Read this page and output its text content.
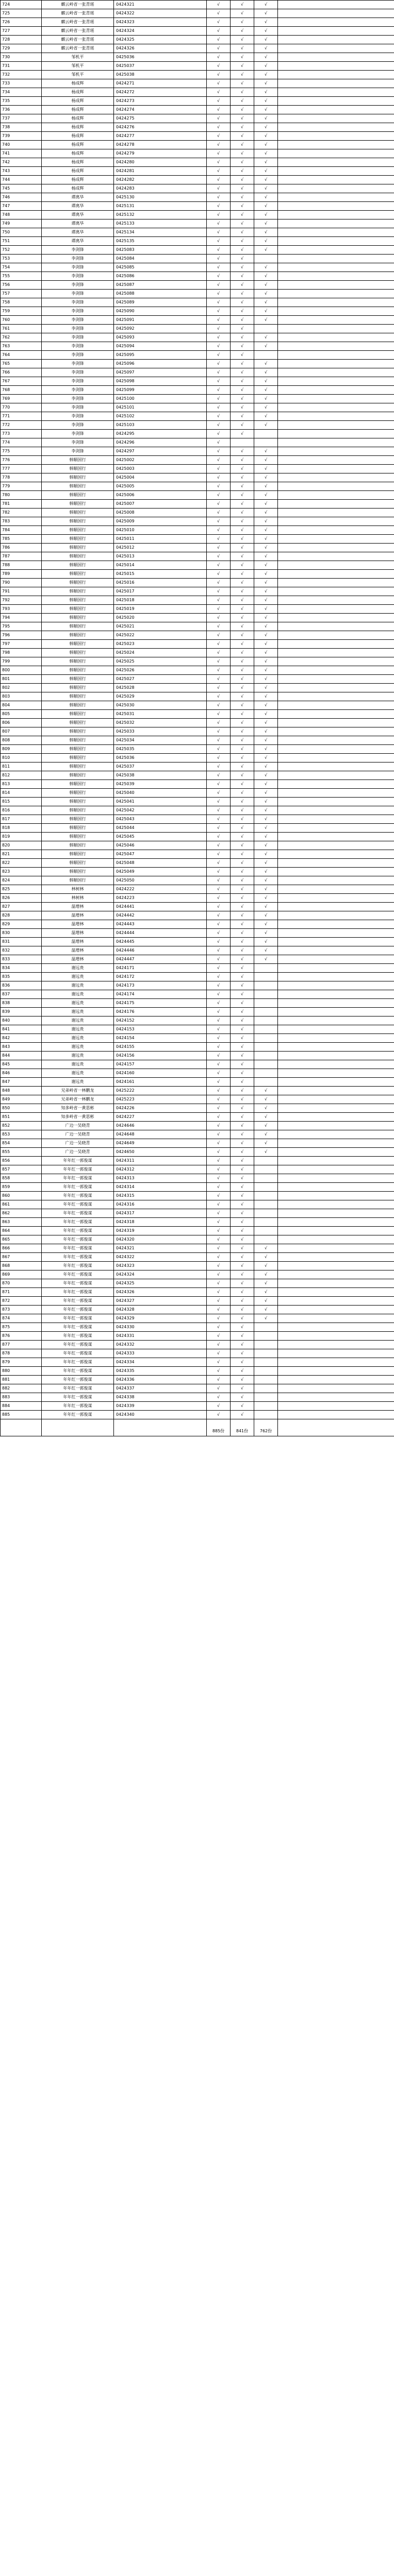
724	麒云岭省一张青瑶	0424321	√	√	√	
725	麒云岭省一张青瑶	0424322	√	√	√	
726	麒云岭省一张青瑶	0424323	√	√	√	
727	麒云岭省一张青瑶	0424324	√	√	√	
728	麒云岭省一张青瑶	0424325	√	√	√	
729	麒云岭省一张青瑶	0424326	√	√	√	
730	邹机平	0425036	√	√	√	
731	邹机平	0425037	√	√	√	
732	邹机平	0425038	√	√	√	
733	杨成辉	0424271	√	√	√	
734	杨成辉	0424272	√	√	√	
735	杨成辉	0424273	√	√	√	
736	杨成辉	0424274	√	√	√	
737	杨成辉	0424275	√	√	√	
738	杨成辉	0424276	√	√	√	
739	杨成辉	0424277	√	√	√	
740	杨成辉	0424278	√	√	√	
741	杨成辉	0424279	√	√	√	
742	杨成辉	0424280	√	√	√	
743	杨成辉	0424281	√	√	√	
744	杨成辉	0424282	√	√	√	
745	杨成辉	0424283	√	√	√	
746	谭离华	0425130	√	√	√	
747	谭离华	0425131	√	√	√	
748	谭离华	0425132	√	√	√	
749	谭离华	0425133	√	√	√	
750	谭离华	0425134	√	√	√	
751	谭离华	0425135	√	√	√	
752	李剑锋	0425083	√	√	√	
753	李剑锋	0425084	√	√		
754	李剑锋	0425085	√	√	√	
755	李剑锋	0425086	√	√	√	
756	李剑锋	0425087	√	√	√	
757	李剑锋	0425088	√	√	√	
758	李剑锋	0425089	√	√	√	
759	李剑锋	0425090	√	√	√	
760	李剑锋	0425091	√	√	√	
761	李剑锋	0425092	√	√		
762	李剑锋	0425093	√	√	√	
763	李剑锋	0425094	√	√	√	
764	李剑锋	0425095	√	√		
765	李剑锋	0425096	√	√	√	
766	李剑锋	0425097	√	√	√	
767	李剑锋	0425098	√	√	√	
768	李剑锋	0425099	√	√	√	
769	李剑锋	0425100	√	√	√	
770	李剑锋	0425101	√	√	√	
771	李剑锋	0425102	√	√	√	
772	李剑锋	0425103	√	√	√	
773	李剑锋	0424295	√	√		
774	李剑锋	0424296	√			
775	李剑锋	0424297	√	√	√	
776	韩顺国行	0425002	√	√	√	
777	韩顺国行	0425003	√	√	√	
778	韩顺国行	0425004	√	√	√	
779	韩顺国行	0425005	√	√	√	
780	韩顺国行	0425006	√	√	√	
781	韩顺国行	0425007	√	√	√	
782	韩顺国行	0425008	√	√	√	
783	韩顺国行	0425009	√	√	√	
784	韩顺国行	0425010	√	√	√	
785	韩顺国行	0425011	√	√	√	
786	韩顺国行	0425012	√	√	√	
787	韩顺国行	0425013	√	√	√	
788	韩顺国行	0425014	√	√	√	
789	韩顺国行	0425015	√	√	√	
790	韩顺国行	0425016	√	√	√	
791	韩顺国行	0425017	√	√	√	
792	韩顺国行	0425018	√	√	√	
793	韩顺国行	0425019	√	√	√	
794	韩顺国行	0425020	√	√	√	
795	韩顺国行	0425021	√	√	√	
796	韩顺国行	0425022	√	√	√	
797	韩顺国行	0425023	√	√	√	
798	韩顺国行	0425024	√	√	√	
799	韩顺国行	0425025	√	√	√	
800	韩顺国行	0425026	√	√	√	
801	韩顺国行	0425027	√	√	√	
802	韩顺国行	0425028	√	√	√	
803	韩顺国行	0425029	√	√	√	
804	韩顺国行	0425030	√	√	√	
805	韩顺国行	0425031	√	√	√	
806	韩顺国行	0425032	√	√	√	
807	韩顺国行	0425033	√	√	√	
808	韩顺国行	0425034	√	√	√	
809	韩顺国行	0425035	√	√	√	
810	韩顺国行	0425036	√	√	√	
811	韩顺国行	0425037	√	√	√	
812	韩顺国行	0425038	√	√	√	
813	韩顺国行	0425039	√	√	√	
814	韩顺国行	0425040	√	√	√	
815	韩顺国行	0425041	√	√	√	
816	韩顺国行	0425042	√	√	√	
817	韩顺国行	0425043	√	√	√	
818	韩顺国行	0425044	√	√	√	
819	韩顺国行	0425045	√	√	√	
820	韩顺国行	0425046	√	√	√	
821	韩顺国行	0425047	√	√	√	
822	韩顺国行	0425048	√	√	√	
823	韩顺国行	0425049	√	√	√	
824	韩顺国行	0425050	√	√	√	
825	林树林	0424222	√	√	√	
826	林树林	0424223	√	√	√	
827	温增林	0424441	√	√	√	
828	温增林	0424442	√	√	√	
829	温增林	0424443	√	√	√	
830	温增林	0424444	√	√	√	
831	温增林	0424445	√	√	√	
832	温增林	0424446	√	√	√	
833	温增林	0424447	√	√	√	
834	谢远贵	0424171	√	√		
835	谢远贵	0424172	√	√		
836	谢远贵	0424173	√	√		
837	谢远贵	0424174	√	√		
838	谢远贵	0424175	√	√		
839	谢远贵	0424176	√	√		
840	谢远贵	0424152	√	√		
841	谢远贵	0424153	√	√		
842	谢远贵	0424154	√	√		
843	谢远贵	0424155	√	√		
844	谢远贵	0424156	√	√		
845	谢远贵	0424157	√	√		
846	谢远贵	0424160	√	√		
847	谢远贵	0424161	√	√		
848	兄弟岭省一林鹏龙	0425222	√	√	√	
849	兄弟岭省一林鹏龙	0425223	√	√	√	
850	知多岭省一黄思彬	0424226	√	√	√	
851	知多岭省一黄思彬	0424227	√	√	√	
852	广边一吴晓青	0424646	√	√	√	
853	广边一吴晓青	0424648	√	√	√	
854	广边一吴晓青	0424649	√	√	√	
855	广边一吴晓青	0424650	√	√	√	
856	年年红一郭俊谋	0424311	√	√		
857	年年红一郭俊谋	0424312	√	√		
858	年年红一郭俊谋	0424313	√	√		
859	年年红一郭俊谋	0424314	√	√		
860	年年红一郭俊谋	0424315	√	√		
861	年年红一郭俊谋	0424316	√	√		
862	年年红一郭俊谋	0424317	√	√		
863	年年红一郭俊谋	0424318	√	√		
864	年年红一郭俊谋	0424319	√	√		
865	年年红一郭俊谋	0424320	√	√		
866	年年红一郭俊谋	0424321	√	√	√	
867	年年红一郭俊谋	0424322	√	√	√	
868	年年红一郭俊谋	0424323	√	√	√	
869	年年红一郭俊谋	0424324	√	√	√	
870	年年红一郭俊谋	0424325	√	√	√	
871	年年红一郭俊谋	0424326	√	√	√	
872	年年红一郭俊谋	0424327	√	√	√	
873	年年红一郭俊谋	0424328	√	√	√	
874	年年红一郭俊谋	0424329	√	√	√	
875	年年红一郭俊谋	0424330	√	√		
876	年年红一郭俊谋	0424331	√	√		
877	年年红一郭俊谋	0424332	√	√		
878	年年红一郭俊谋	0424333	√	√		
879	年年红一郭俊谋	0424334	√	√		
880	年年红一郭俊谋	0424335	√	√		
881	年年红一郭俊谋	0424336	√	√		
882	年年红一郭俊谋	0424337	√	√		
883	年年红一郭俊谋	0424338	√	√		
884	年年红一郭俊谋	0424339	√	√		
885	年年红一郭俊谋	0424340	√	√		
			885份	841份	762份	
